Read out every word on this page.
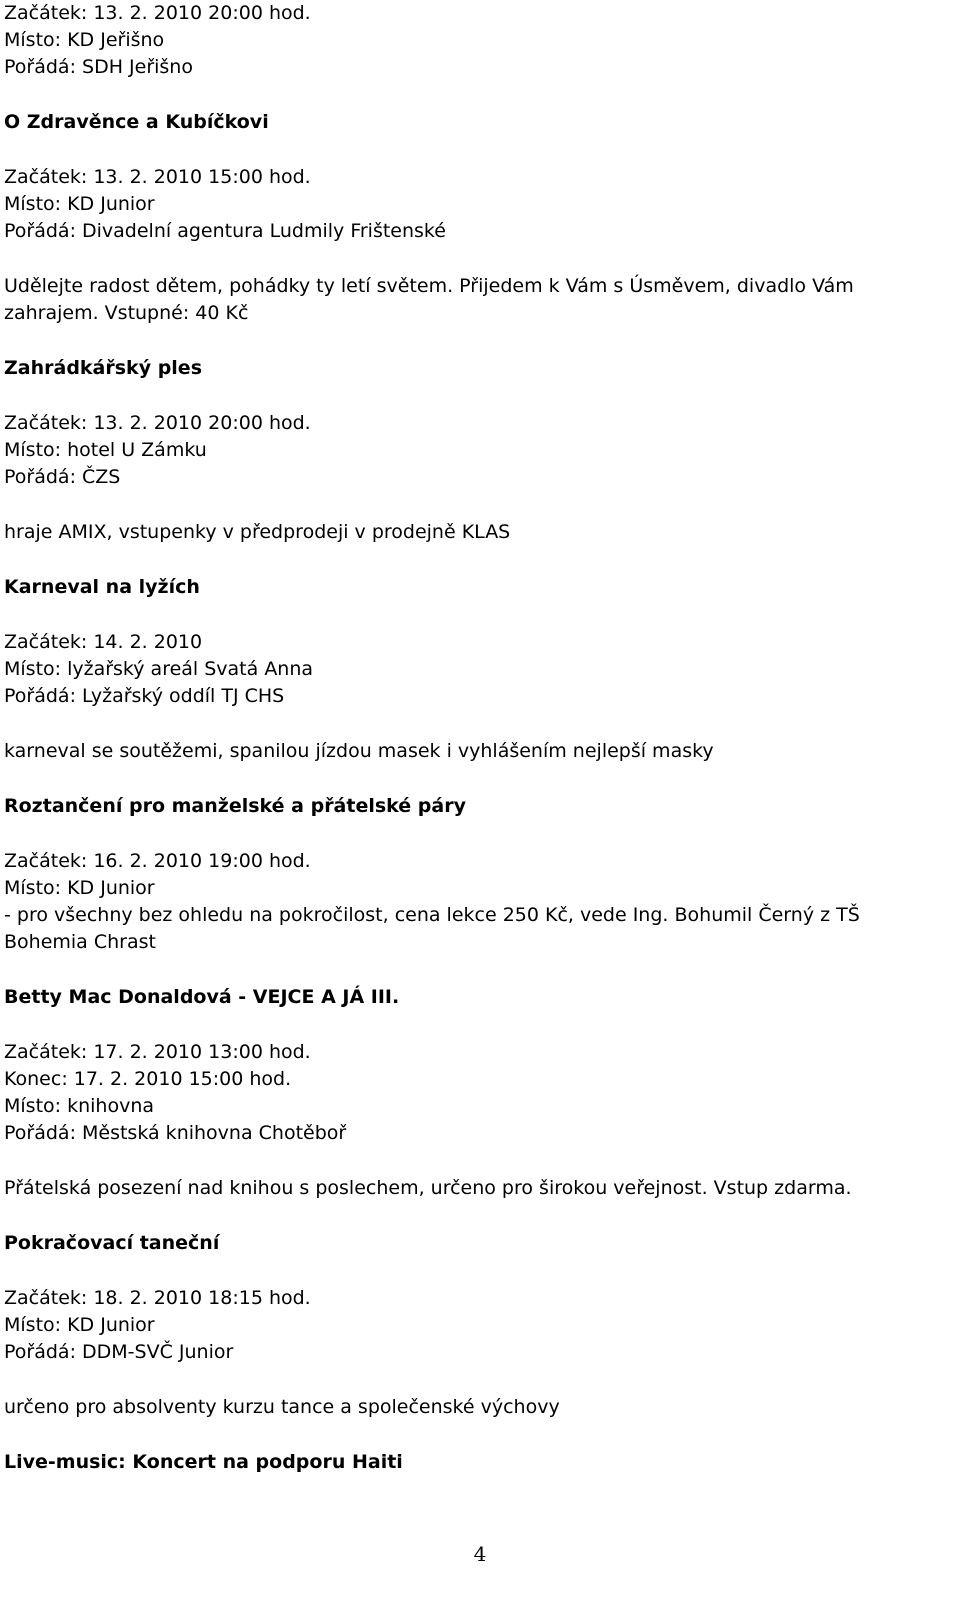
Začátek: 13. 2. 2010 20:00 hod.
Místo: KD Jeřišno
Pořádá: SDH Jeřišno
O Zdravěnce a Kubíčkovi
Začátek: 13. 2. 2010 15:00 hod.
Místo: KD Junior
Pořádá: Divadelní agentura Ludmily Frištenské
Udělejte radost dětem, pohádky ty letí světem. Přijedem k Vám s Úsměvem, divadlo Vám
zahrajem. Vstupné: 40 Kč
Zahrádkářský ples
Začátek: 13. 2. 2010 20:00 hod.
Místo: hotel U Zámku
Pořádá: ČZS
hraje AMIX, vstupenky v předprodeji v prodejně KLAS
Karneval na lyžích
Začátek: 14. 2. 2010
Místo: lyžařský areál Svatá Anna
Pořádá: Lyžařský oddíl TJ CHS
karneval se soutěžemi, spanilou jízdou masek i vyhlášením nejlepší masky
Roztančení pro manželské a přátelské páry
Začátek: 16. 2. 2010 19:00 hod.
Místo: KD Junior
- pro všechny bez ohledu na pokročilost, cena lekce 250 Kč, vede Ing. Bohumil Černý z TŠ
Bohemia Chrast
Betty Mac Donaldová - VEJCE A JÁ III.
Začátek: 17. 2. 2010 13:00 hod.
Konec: 17. 2. 2010 15:00 hod.
Místo: knihovna
Pořádá: Městská knihovna Chotěboř
Přátelská posezení nad knihou s poslechem, určeno pro širokou veřejnost. Vstup zdarma.
Pokračovací taneční
Začátek: 18. 2. 2010 18:15 hod.
Místo: KD Junior
Pořádá: DDM-SVČ Junior
určeno pro absolventy kurzu tance a společenské výchovy
Live-music: Koncert na podporu Haiti
4
